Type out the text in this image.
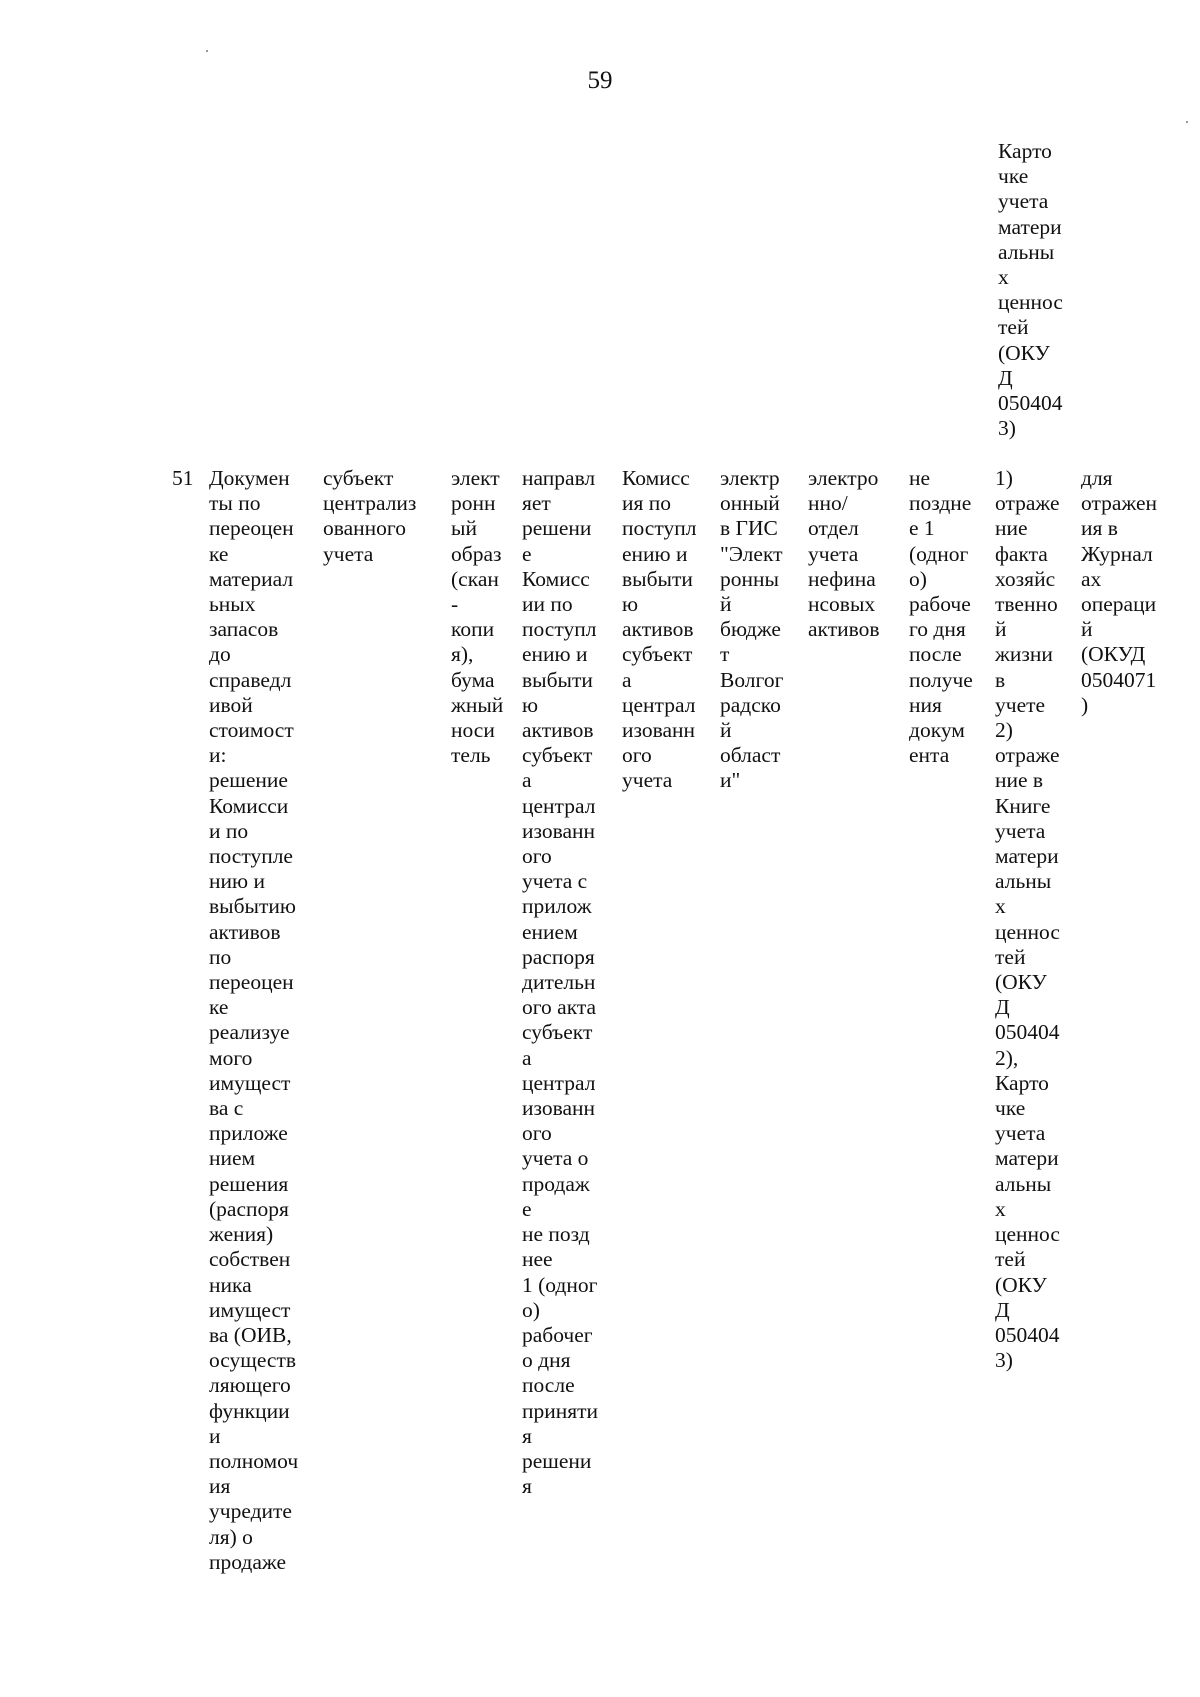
59
Карто
чке
учета
матери
альны
х
ценнос
тей
(ОКУ
Д
050404
3)
51 Докумен
ты по
переоцен
ке
материал
ьных
запасов
до
справедл
ивой
стоимост
и:
решение
Комисси
и по
поступле
нию и
выбытию
активов
по
переоцен
ке
реализуе
мого
имущест
ва с
приложе
нием
решения
(распоря
жения)
собствен
ника
имущест
ва (ОИВ,
осуществ
ляющего
функции
и
полномоч
ия
учредите
ля) о
продаже
субъект
централиз
ованного
учета
элект
ронн
ый
образ
(скан
-
копи
я),
бума
жный
носи
тель
направл
яет
решени
е
Комисс
ии по
поступл
ению и
выбыти
ю
активов
субъект
а
централ
изованн
ого
учета с
прилож
ением
распоря
дительн
ого акта
субъект
а
централ
изованн
ого
учета о
продаж
е
не позд
нее
1 (одног
о)
рабочег
о дня
после
приняти
я
решени
я
Комисс
ия по
поступл
ению и
выбыти
ю
активов
субъект
а
централ
изованн
ого
учета
электр
онный
в ГИС
"Элект
ронны
й
бюдже
т
Волгог
радско
й
област
и"
электро
нно/
отдел
учета
нефина
нсовых
активов
не
поздне
е 1
(одног
о)
рабоче
го дня
после
получе
ния
докум
ента
1)
отраже
ние
факта
хозяйс
твенно
й
жизни
в
учете
2)
отраже
ние в
Книге
учета
матери
альны
х
ценнос
тей
(ОКУ
Д
050404
2),
Карто
чке
учета
матери
альны
х
ценнос
тей
(ОКУ
Д
050404
3)
для
отражен
ия в
Журнал
ах
операци
й
(ОКУД
0504071
)
